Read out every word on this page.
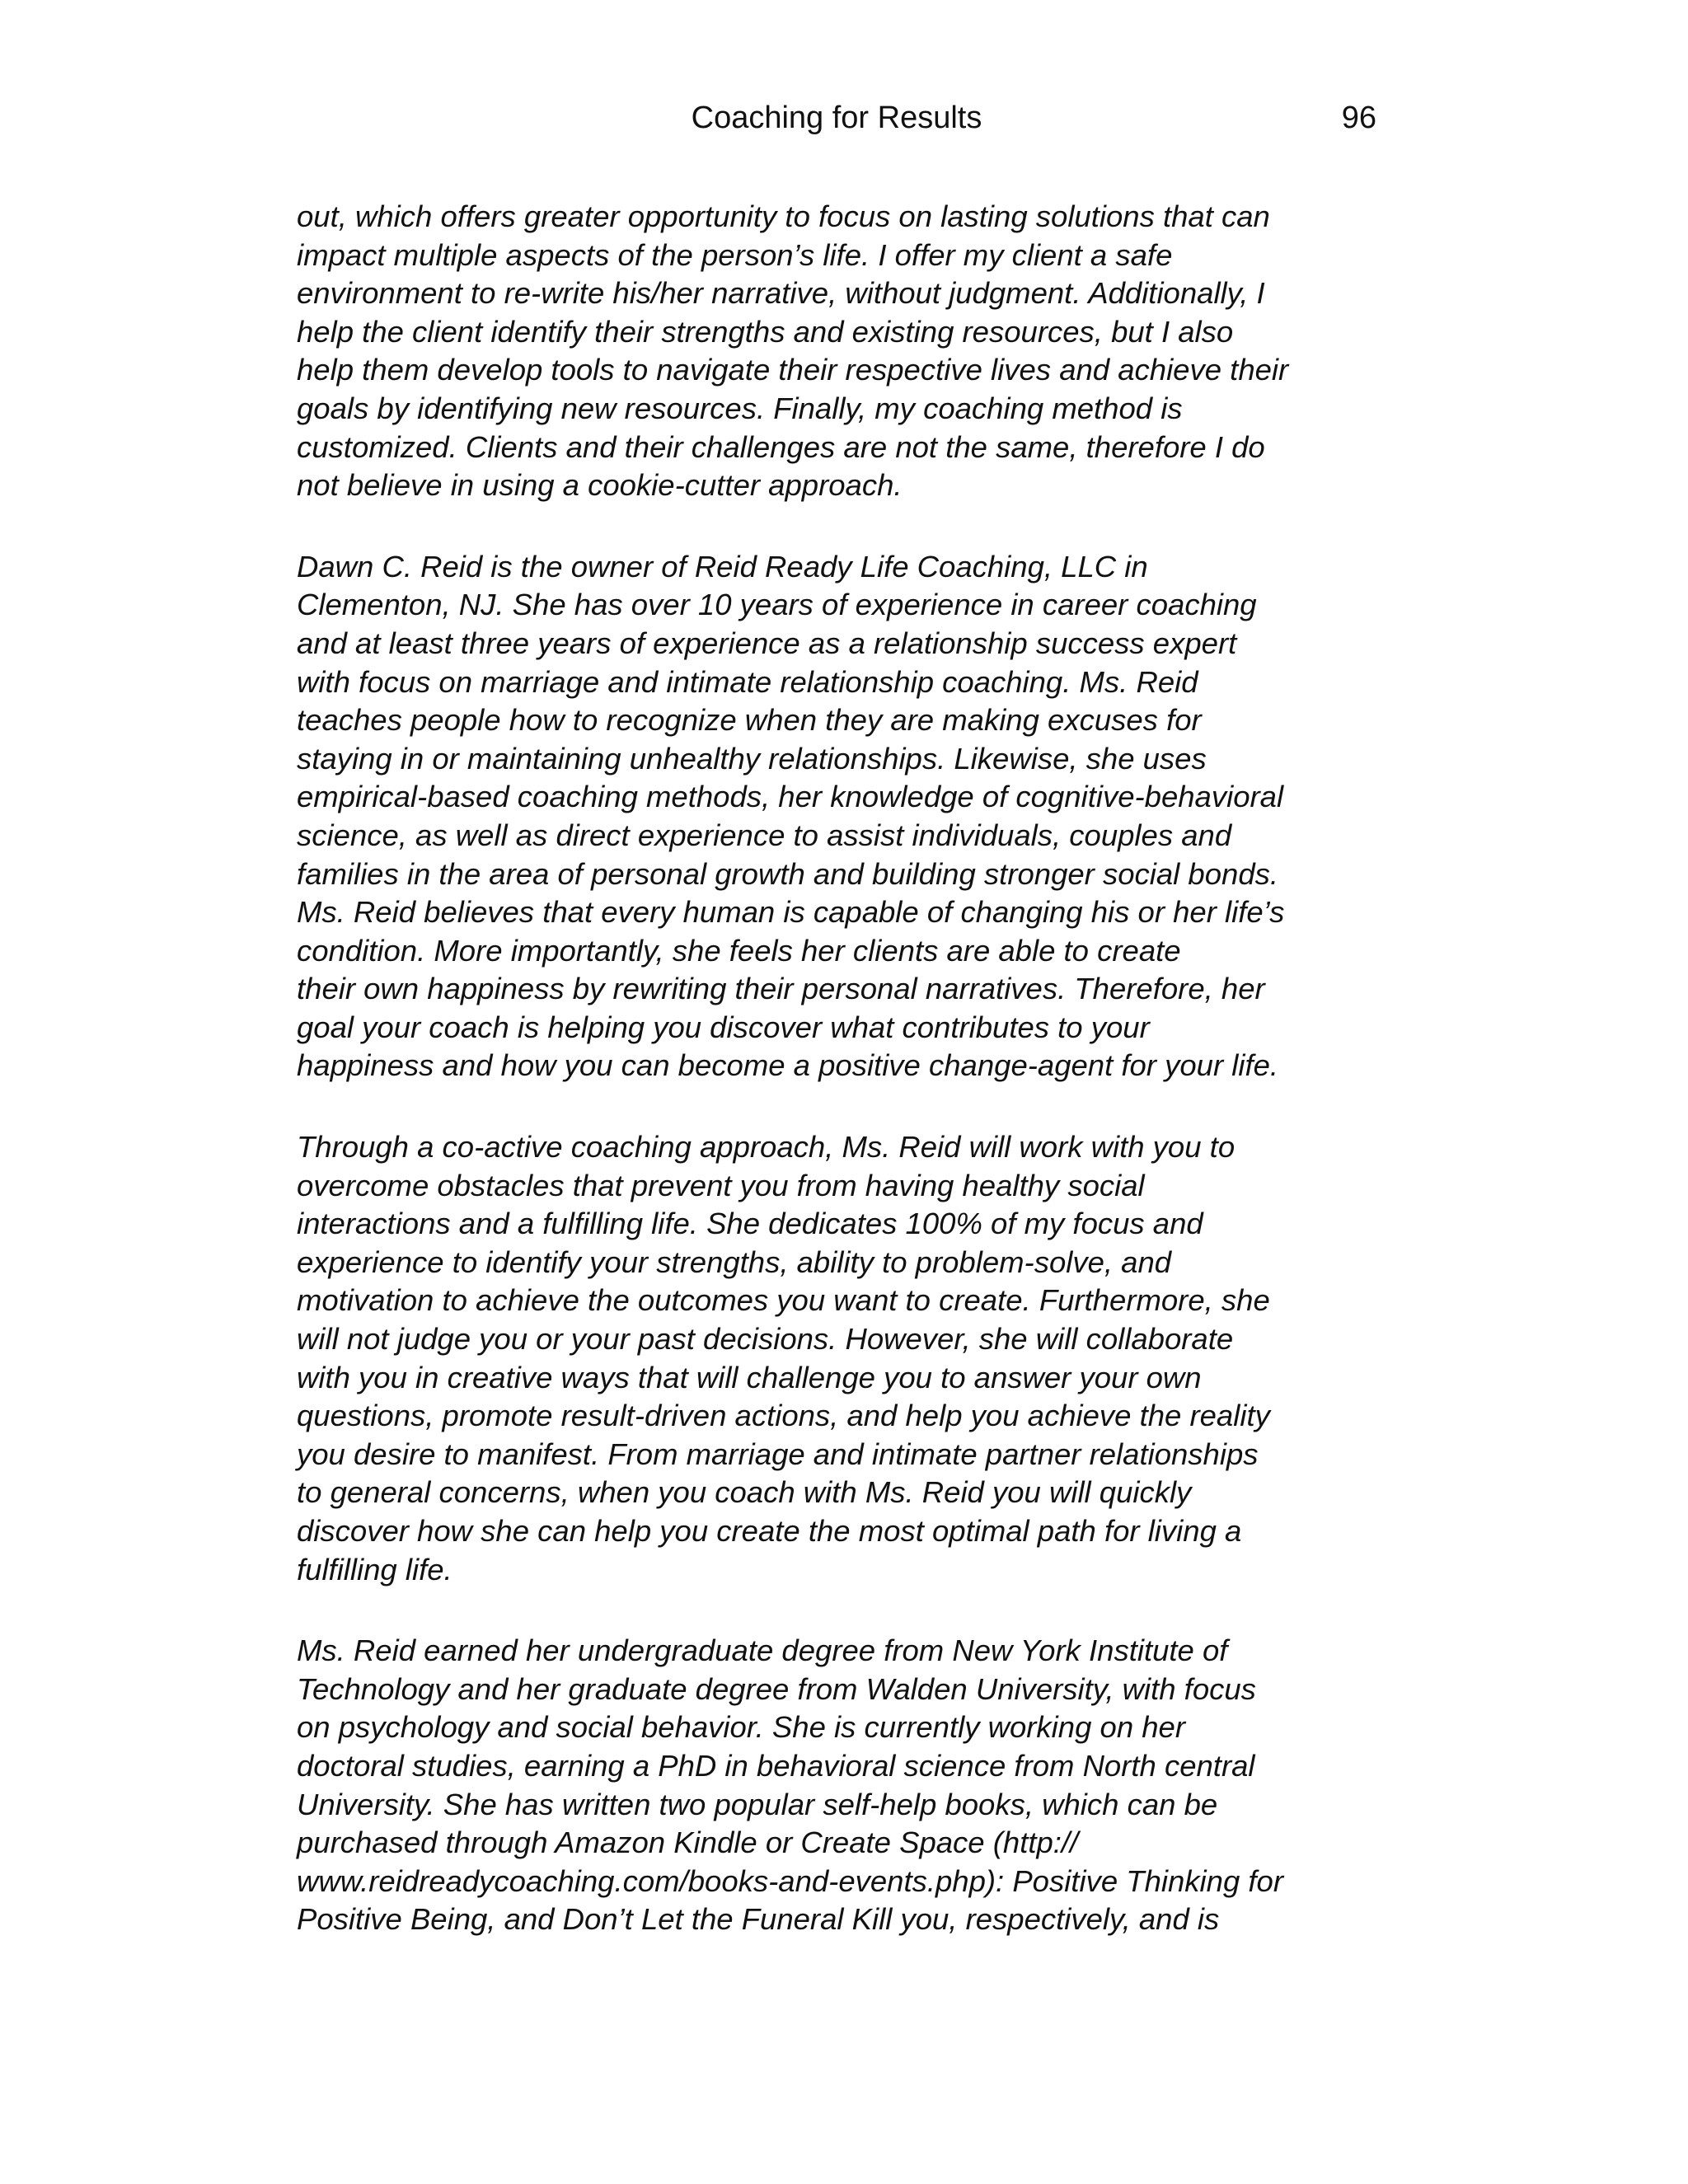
Coaching for Results	96
out, which offers greater opportunity to focus on lasting solutions that can
impact multiple aspects of the person’s life. I offer my client a safe
environment to re-write his/her narrative, without judgment. Additionally, I
help the client identify their strengths and existing resources, but I also
help them develop tools to navigate their respective lives and achieve their
goals by identifying new resources. Finally, my coaching method is
customized. Clients and their challenges are not the same, therefore I do
not believe in using a cookie-cutter approach.
Dawn C. Reid is the owner of Reid Ready Life Coaching, LLC in
Clementon, NJ. She has over 10 years of experience in career coaching
and at least three years of experience as a relationship success expert
with focus on marriage and intimate relationship coaching. Ms. Reid
teaches people how to recognize when they are making excuses for
staying in or maintaining unhealthy relationships. Likewise, she uses
empirical-based coaching methods, her knowledge of cognitive-behavioral
science, as well as direct experience to assist individuals, couples and
families in the area of personal growth and building stronger social bonds.
Ms. Reid believes that every human is capable of changing his or her life’s
condition. More importantly, she feels her clients are able to create
their own happiness by rewriting their personal narratives. Therefore, her
goal your coach is helping you discover what contributes to your
happiness and how you can become a positive change-agent for your life.
Through a co-active coaching approach, Ms. Reid will work with you to
overcome obstacles that prevent you from having healthy social
interactions and a fulfilling life. She dedicates 100% of my focus and
experience to identify your strengths, ability to problem-solve, and
motivation to achieve the outcomes you want to create. Furthermore, she
will not judge you or your past decisions. However, she will collaborate
with you in creative ways that will challenge you to answer your own
questions, promote result-driven actions, and help you achieve the reality
you desire to manifest. From marriage and intimate partner relationships
to general concerns, when you coach with Ms. Reid you will quickly
discover how she can help you create the most optimal path for living a
fulfilling life.
Ms. Reid earned her undergraduate degree from New York Institute of
Technology and her graduate degree from Walden University, with focus
on psychology and social behavior. She is currently working on her
doctoral studies, earning a PhD in behavioral science from North central
University. She has written two popular self-help books, which can be
purchased through Amazon Kindle or Create Space (http://
www.reidreadycoaching.com/books-and-events.php): Positive Thinking for
Positive Being, and Don’t Let the Funeral Kill you, respectively, and is
